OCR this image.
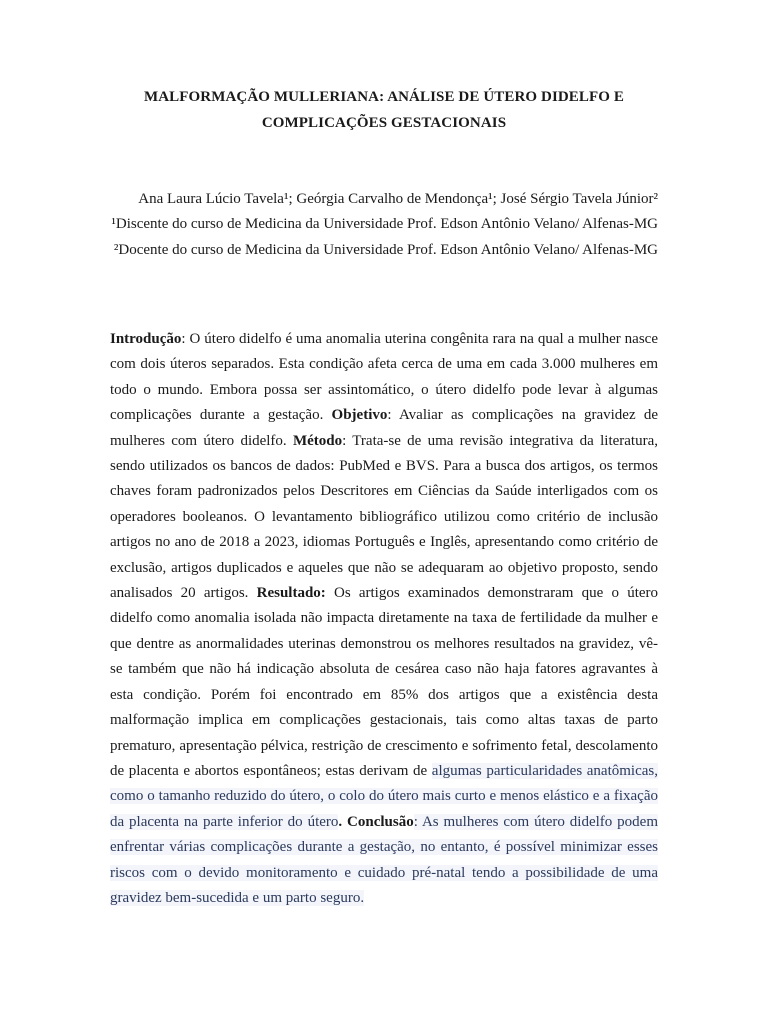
MALFORMAÇÃO MULLERIANA: ANÁLISE DE ÚTERO DIDELFO E
COMPLICAÇÕES GESTACIONAIS

Ana Laura Lúcio Tavela¹; Geórgia Carvalho de Mendonça¹; José Sérgio Tavela Júnior²

¹Discente do curso de Medicina da Universidade Prof. Edson Antônio Velano/ Alfenas-MG

²Docente do curso de Medicina da Universidade Prof. Edson Antônio Velano/ Alfenas-MG

Introdução: O útero didelfo é uma anomalia uterina congênita rara na qual a mulher nasce com dois úteros separados. Esta condição afeta cerca de uma em cada 3.000 mulheres em todo o mundo. Embora possa ser assintomático, o útero didelfo pode levar à algumas complicações durante a gestação. Objetivo: Avaliar as complicações na gravidez de mulheres com útero didelfo. Método: Trata-se de uma revisão integrativa da literatura, sendo utilizados os bancos de dados: PubMed e BVS. Para a busca dos artigos, os termos chaves foram padronizados pelos Descritores em Ciências da Saúde interligados com os operadores booleanos. O levantamento bibliográfico utilizou como critério de inclusão artigos no ano de 2018 a 2023, idiomas Português e Inglês, apresentando como critério de exclusão, artigos duplicados e aqueles que não se adequaram ao objetivo proposto, sendo analisados 20 artigos. Resultado: Os artigos examinados demonstraram que o útero didelfo como anomalia isolada não impacta diretamente na taxa de fertilidade da mulher e que dentre as anormalidades uterinas demonstrou os melhores resultados na gravidez, vê-se também que não há indicação absoluta de cesárea caso não haja fatores agravantes à esta condição. Porém foi encontrado em 85% dos artigos que a existência desta malformação implica em complicações gestacionais, tais como altas taxas de parto prematuro, apresentação pélvica, restrição de crescimento e sofrimento fetal, descolamento de placenta e abortos espontâneos; estas derivam de algumas particularidades anatômicas, como o tamanho reduzido do útero, o colo do útero mais curto e menos elástico e a fixação da placenta na parte inferior do útero. Conclusão: As mulheres com útero didelfo podem enfrentar várias complicações durante a gestação, no entanto, é possível minimizar esses riscos com o devido monitoramento e cuidado pré-natal tendo a possibilidade de uma gravidez bem-sucedida e um parto seguro.
